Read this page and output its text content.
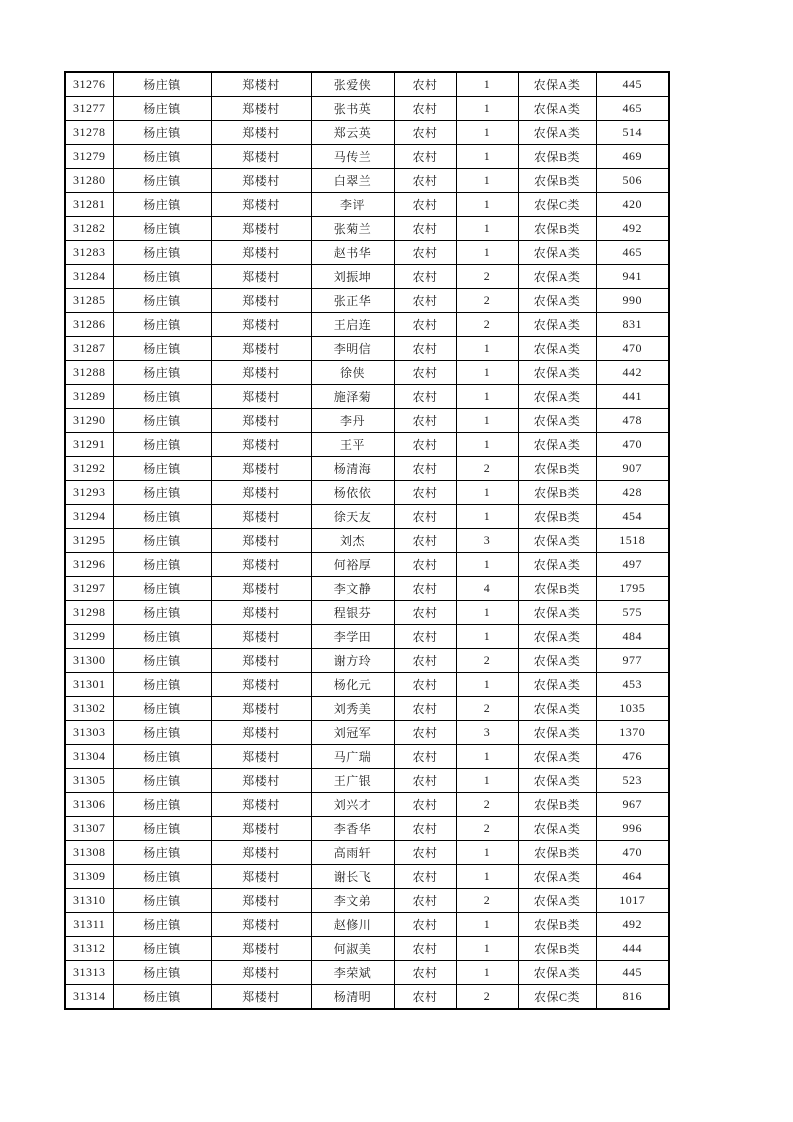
31276	杨庄镇	郑楼村	张爱侠	农村	1	农保A类	445
31277	杨庄镇	郑楼村	张书英	农村	1	农保A类	465
31278	杨庄镇	郑楼村	郑云英	农村	1	农保A类	514
31279	杨庄镇	郑楼村	马传兰	农村	1	农保B类	469
31280	杨庄镇	郑楼村	白翠兰	农村	1	农保B类	506
31281	杨庄镇	郑楼村	李评	农村	1	农保C类	420
31282	杨庄镇	郑楼村	张菊兰	农村	1	农保B类	492
31283	杨庄镇	郑楼村	赵书华	农村	1	农保A类	465
31284	杨庄镇	郑楼村	刘振坤	农村	2	农保A类	941
31285	杨庄镇	郑楼村	张正华	农村	2	农保A类	990
31286	杨庄镇	郑楼村	王启连	农村	2	农保A类	831
31287	杨庄镇	郑楼村	李明信	农村	1	农保A类	470
31288	杨庄镇	郑楼村	徐侠	农村	1	农保A类	442
31289	杨庄镇	郑楼村	施泽菊	农村	1	农保A类	441
31290	杨庄镇	郑楼村	李丹	农村	1	农保A类	478
31291	杨庄镇	郑楼村	王平	农村	1	农保A类	470
31292	杨庄镇	郑楼村	杨清海	农村	2	农保B类	907
31293	杨庄镇	郑楼村	杨依依	农村	1	农保B类	428
31294	杨庄镇	郑楼村	徐天友	农村	1	农保B类	454
31295	杨庄镇	郑楼村	刘杰	农村	3	农保A类	1518
31296	杨庄镇	郑楼村	何裕厚	农村	1	农保A类	497
31297	杨庄镇	郑楼村	李文静	农村	4	农保B类	1795
31298	杨庄镇	郑楼村	程银芬	农村	1	农保A类	575
31299	杨庄镇	郑楼村	李学田	农村	1	农保A类	484
31300	杨庄镇	郑楼村	谢方玲	农村	2	农保A类	977
31301	杨庄镇	郑楼村	杨化元	农村	1	农保A类	453
31302	杨庄镇	郑楼村	刘秀美	农村	2	农保A类	1035
31303	杨庄镇	郑楼村	刘冠军	农村	3	农保A类	1370
31304	杨庄镇	郑楼村	马广瑞	农村	1	农保A类	476
31305	杨庄镇	郑楼村	王广银	农村	1	农保A类	523
31306	杨庄镇	郑楼村	刘兴才	农村	2	农保B类	967
31307	杨庄镇	郑楼村	李香华	农村	2	农保A类	996
31308	杨庄镇	郑楼村	高雨轩	农村	1	农保B类	470
31309	杨庄镇	郑楼村	谢长飞	农村	1	农保A类	464
31310	杨庄镇	郑楼村	李文弟	农村	2	农保A类	1017
31311	杨庄镇	郑楼村	赵修川	农村	1	农保B类	492
31312	杨庄镇	郑楼村	何淑美	农村	1	农保B类	444
31313	杨庄镇	郑楼村	李荣斌	农村	1	农保A类	445
31314	杨庄镇	郑楼村	杨清明	农村	2	农保C类	816
